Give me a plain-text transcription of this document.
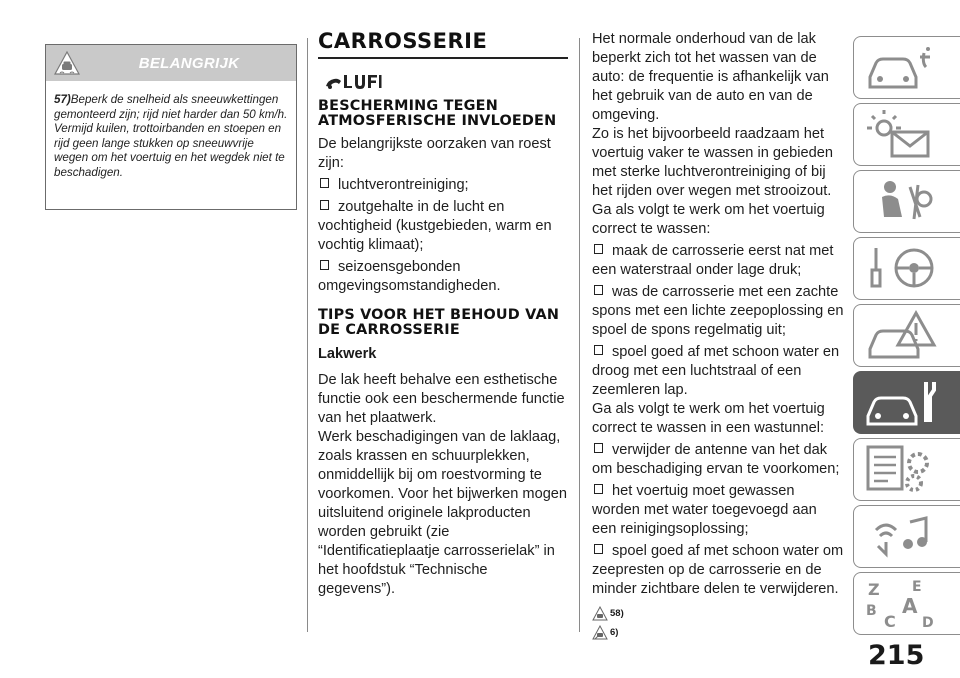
BELANGRIJK
57)Beperk de snelheid als sneeuwkettingen gemonteerd zijn; rijd niet harder dan 50 km/h. Vermijd kuilen, trottoirbanden en stoepen en rijd geen lange stukken op sneeuwvrije wegen om het voertuig en het wegdek niet te beschadigen.
CARROSSERIE
BESCHERMING TEGEN ATMOSFERISCHE INVLOEDEN

De belangrijkste oorzaken van roest zijn:

luchtverontreiniging;

zoutgehalte in de lucht en vochtigheid (kustgebieden, warm en vochtig klimaat);

seizoensgebonden omgevingsomstandigheden.

TIPS VOOR HET BEHOUD VAN DE CARROSSERIE

Lakwerk

De lak heeft behalve een esthetische functie ook een beschermende functie van het plaatwerk.

Werk beschadigingen van de laklaag, zoals krassen en schuurplekken, onmiddellijk bij om roestvorming te voorkomen. Voor het bijwerken mogen uitsluitend originele lakproducten worden gebruikt (zie “Identificatieplaatje carrosserielak” in het hoofdstuk “Technische gegevens”).

Het normale onderhoud van de lak beperkt zich tot het wassen van de auto: de frequentie is afhankelijk van het gebruik van de auto en van de omgeving.

Zo is het bijvoorbeeld raadzaam het voertuig vaker te wassen in gebieden met sterke luchtverontreiniging of bij het rijden over wegen met strooizout.

Ga als volgt te werk om het voertuig correct te wassen:

maak de carrosserie eerst nat met een waterstraal onder lage druk;

was de carrosserie met een zachte spons met een lichte zeepoplossing en spoel de spons regelmatig uit;

spoel goed af met schoon water en droog met een luchtstraal of een zeemleren lap.

Ga als volgt te werk om het voertuig correct te wassen in een wastunnel:

verwijder de antenne van het dak om beschadiging ervan te voorkomen;

het voertuig moet gewassen worden met water toegevoegd aan een reinigingsoplossing;

spoel goed af met schoon water om zeepresten op de carrosserie en de minder zichtbare delen te verwijderen.

58)
6)
Z E
B A
C D
215
